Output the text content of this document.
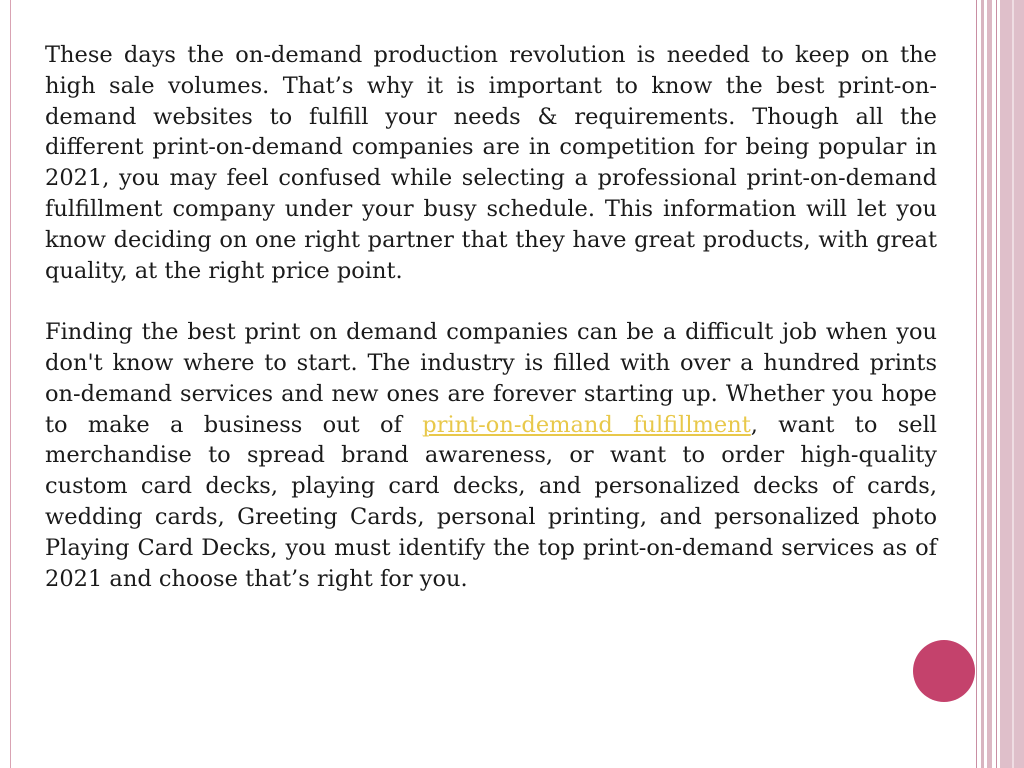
These days the on-demand production revolution is needed to keep on the high sale volumes. That’s why it is important to know the best print-on-demand websites to fulfill your needs & requirements. Though all the different print-on-demand companies are in competition for being popular in 2021, you may feel confused while selecting a professional print-on-demand fulfillment company under your busy schedule. This information will let you know deciding on one right partner that they have great products, with great quality, at the right price point.

Finding the best print on demand companies can be a difficult job when you don't know where to start. The industry is filled with over a hundred prints on-demand services and new ones are forever starting up. Whether you hope to make a business out of print-on-demand fulfillment, want to sell merchandise to spread brand awareness, or want to order high-quality custom card decks, playing card decks, and personalized decks of cards, wedding cards, Greeting Cards, personal printing, and personalized photo Playing Card Decks, you must identify the top print-on-demand services as of 2021 and choose that’s right for you.
